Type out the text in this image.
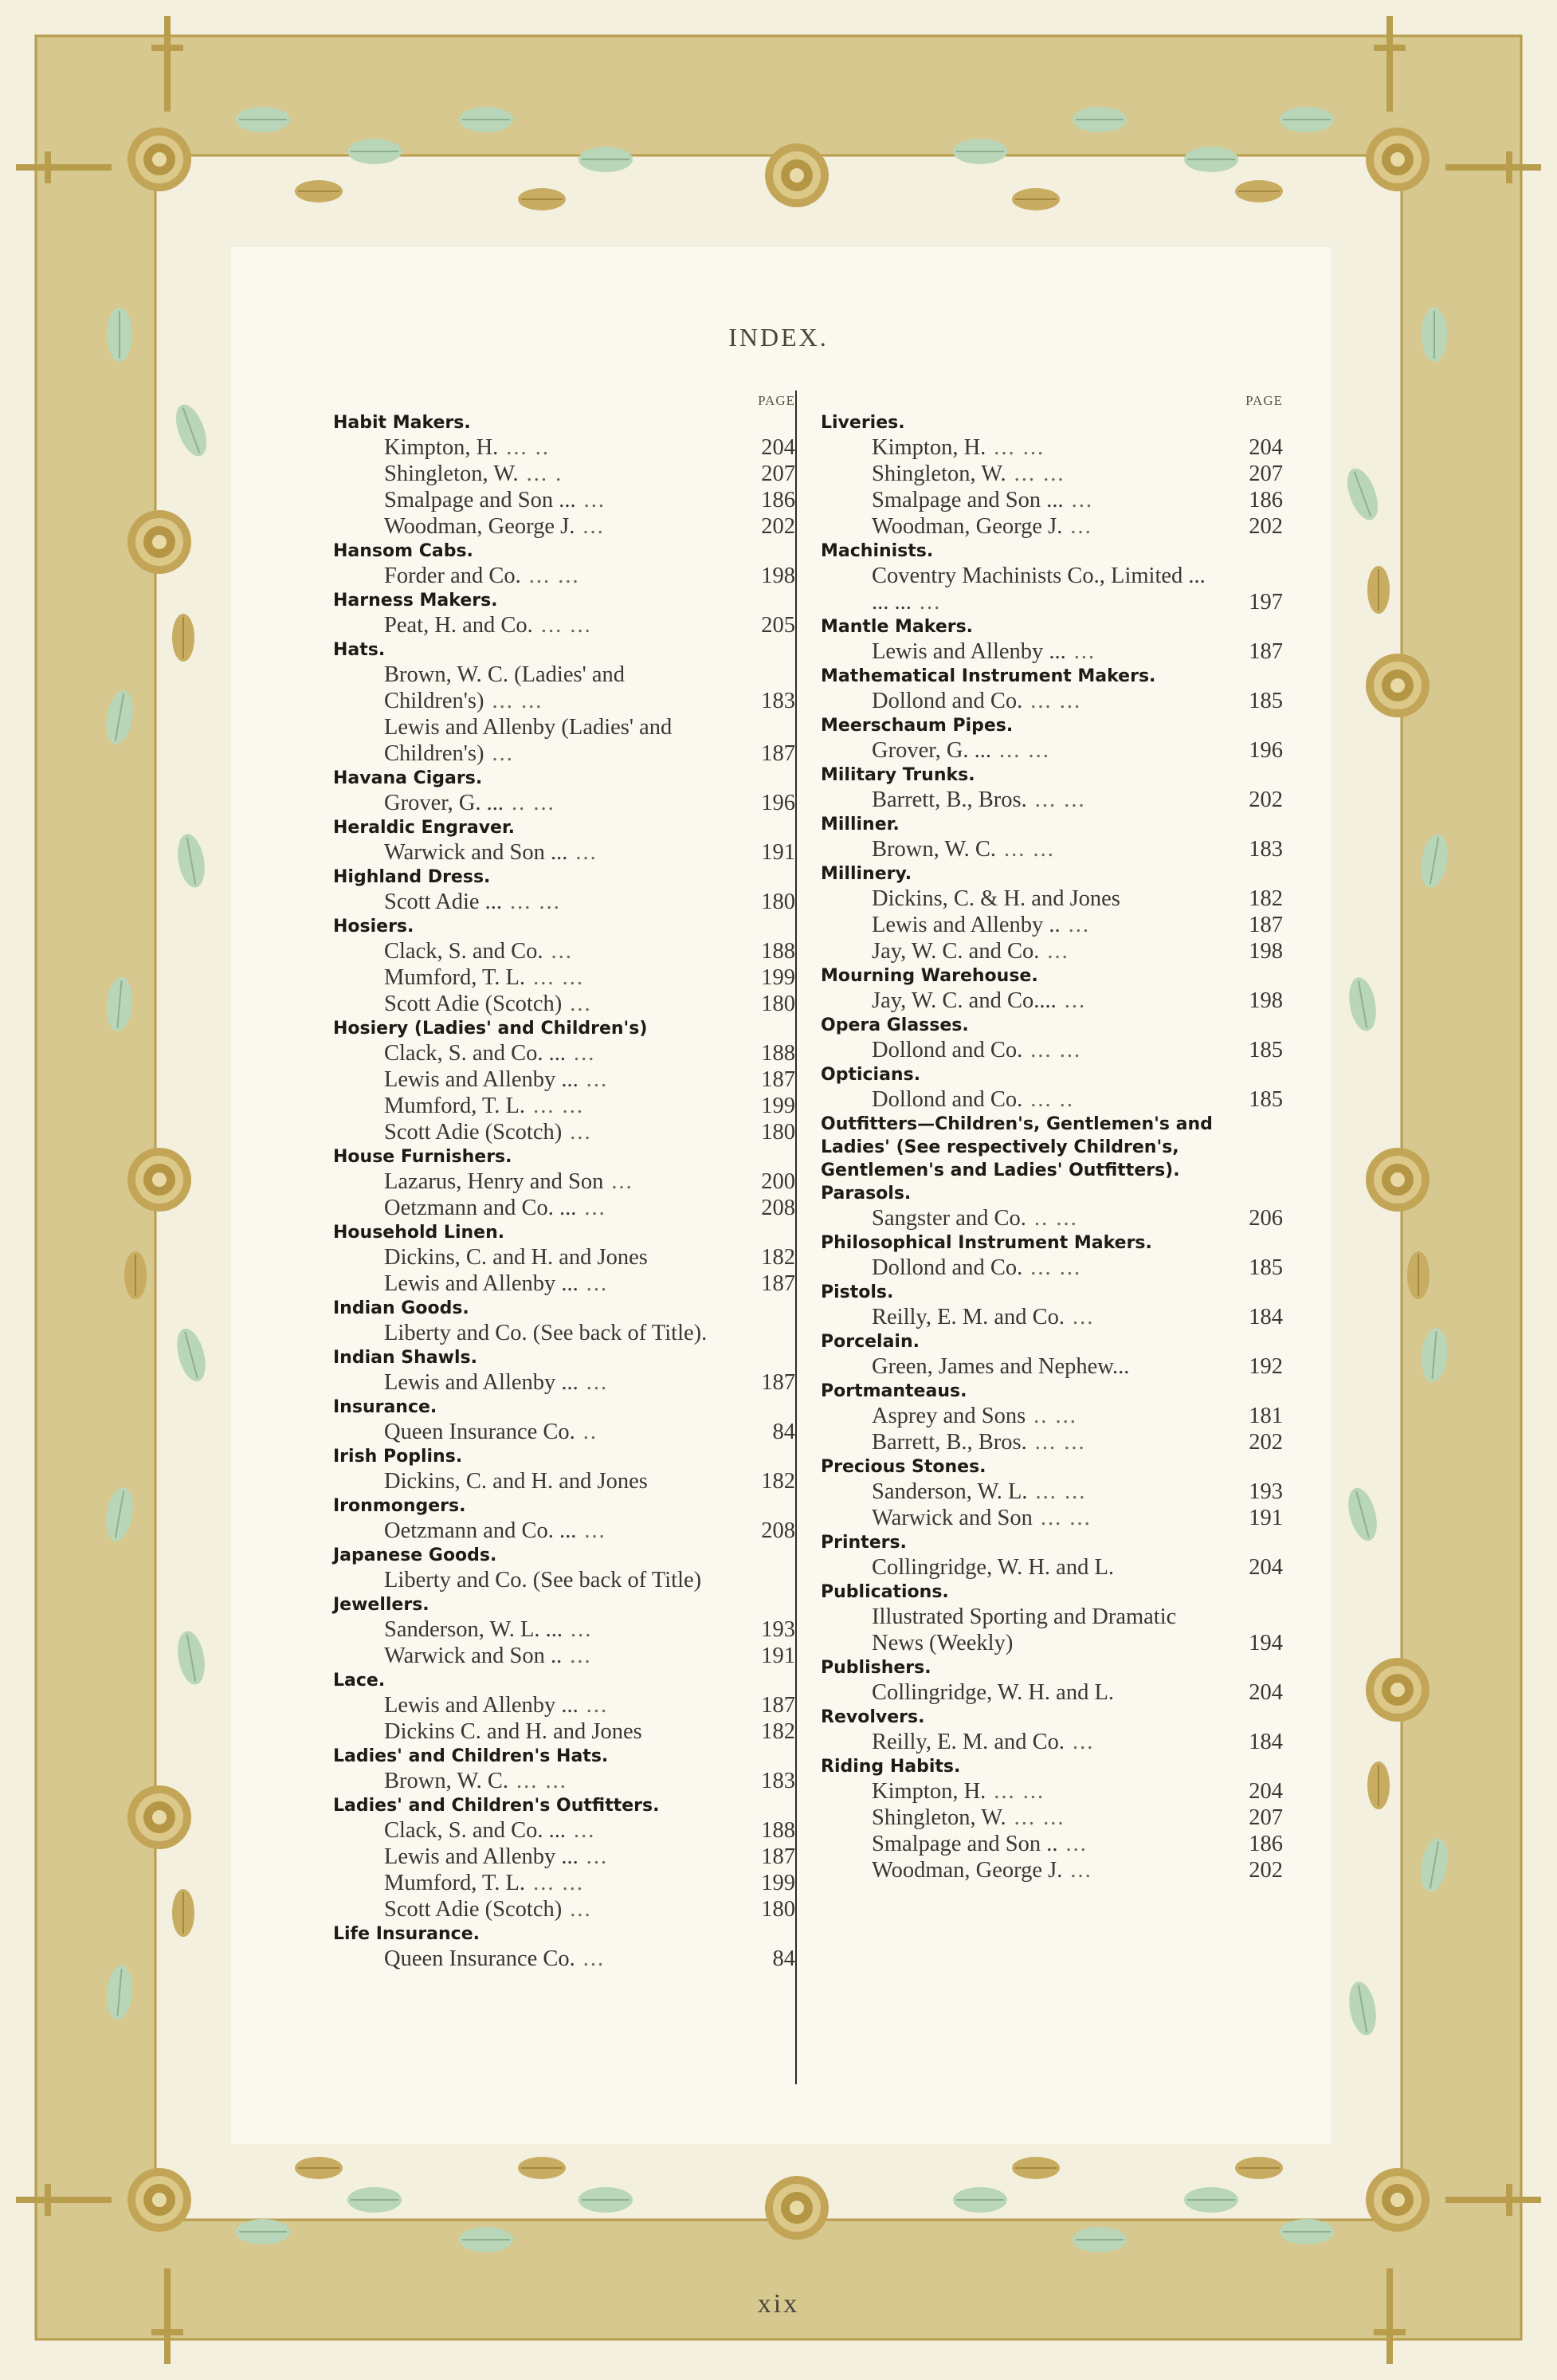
INDEX.
PAGE
Habit Makers.
Kimpton, H. ... ..	204
Shingleton, W. ... .	207
Smalpage and Son ... ...	186
Woodman, George J. ...	202
Hansom Cabs.
Forder and Co. ... ...	198
Harness Makers.
Peat, H. and Co. ... ...	205
Hats.
Brown, W. C. (Ladies' and Children's) ... ...	183
Lewis and Allenby (Ladies' and Children's) ...	187
Havana Cigars.
Grover, G. ... .. ...	196
Heraldic Engraver.
Warwick and Son ... ...	191
Highland Dress.
Scott Adie ... ... ...	180
Hosiers.
Clack, S. and Co. ...	188
Mumford, T. L. ... ...	199
Scott Adie (Scotch) ...	180
Hosiery (Ladies' and Children's)
Clack, S. and Co. ... ...	188
Lewis and Allenby ... ...	187
Mumford, T. L. ... ...	199
Scott Adie (Scotch) ...	180
House Furnishers.
Lazarus, Henry and Son ...	200
Oetzmann and Co. ... ...	208
Household Linen.
Dickins, C. and H. and Jones	182
Lewis and Allenby ... ...	187
Indian Goods.
Liberty and Co. (See back of Title).
Indian Shawls.
Lewis and Allenby ... ...	187
Insurance.
Queen Insurance Co. ..	84
Irish Poplins.
Dickins, C. and H. and Jones	182
Ironmongers.
Oetzmann and Co. ... ...	208
Japanese Goods.
Liberty and Co. (See back of Title)
Jewellers.
Sanderson, W. L. ... ...	193
Warwick and Son .. ...	191
Lace.
Lewis and Allenby ... ...	187
Dickins C. and H. and Jones	182
Ladies' and Children's Hats.
Brown, W. C. ... ...	183
Ladies' and Children's Outfitters.
Clack, S. and Co. ... ...	188
Lewis and Allenby ... ...	187
Mumford, T. L. ... ...	199
Scott Adie (Scotch) ...	180
Life Insurance.
Queen Insurance Co. ...	84
PAGE
Liveries.
Kimpton, H. ... ...	204
Shingleton, W. ... ...	207
Smalpage and Son ... ...	186
Woodman, George J. ...	202
Machinists.
Coventry Machinists Co., Limited ... ... ... ...	197
Mantle Makers.
Lewis and Allenby ... ...	187
Mathematical Instrument Makers.
Dollond and Co. ... ...	185
Meerschaum Pipes.
Grover, G. ... ... ...	196
Military Trunks.
Barrett, B., Bros. ... ...	202
Milliner.
Brown, W. C. ... ...	183
Millinery.
Dickins, C. & H. and Jones	182
Lewis and Allenby .. ...	187
Jay, W. C. and Co. ...	198
Mourning Warehouse.
Jay, W. C. and Co.... ...	198
Opera Glasses.
Dollond and Co. ... ...	185
Opticians.
Dollond and Co. ... ..	185
Outfitters—Children's, Gentlemen's and Ladies' (See respectively Children's, Gentlemen's and Ladies' Outfitters).
Parasols.
Sangster and Co. .. ...	206
Philosophical Instrument Makers.
Dollond and Co. ... ...	185
Pistols.
Reilly, E. M. and Co. ...	184
Porcelain.
Green, James and Nephew...	192
Portmanteaus.
Asprey and Sons .. ...	181
Barrett, B., Bros. ... ...	202
Precious Stones.
Sanderson, W. L. ... ...	193
Warwick and Son ... ...	191
Printers.
Collingridge, W. H. and L.	204
Publications.
Illustrated Sporting and Dramatic News (Weekly)	194
Publishers.
Collingridge, W. H. and L.	204
Revolvers.
Reilly, E. M. and Co. ...	184
Riding Habits.
Kimpton, H. ... ...	204
Shingleton, W. ... ...	207
Smalpage and Son .. ...	186
Woodman, George J. ...	202
xix
